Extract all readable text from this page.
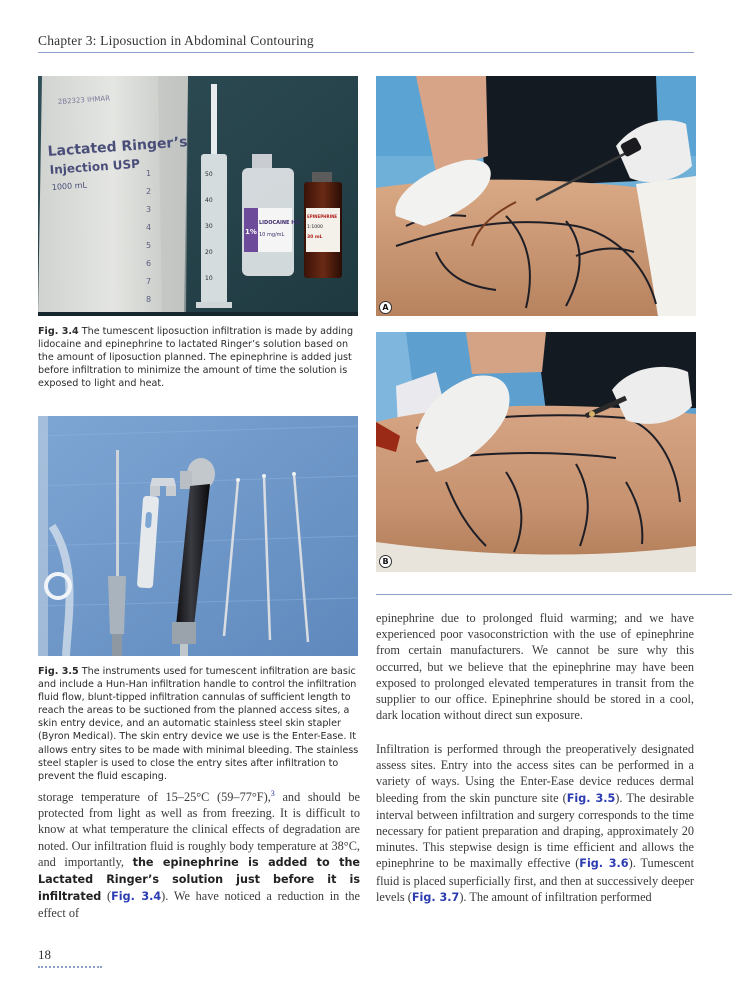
Chapter 3: Liposuction in Abdominal Contouring
2B2323 IHMAR
Lactated Ringer’s
Injection USP
1000 mL
1
2
3
4
5
6
7
8
50
40
30
20
10
1%
LIDOCAINE HCl
10 mg/mL
EPINEPHRINE
1:1000
30 mL
Fig. 3.4 The tumescent liposuction infiltration is made by adding lidocaine and epinephrine to lactated Ringer’s solution based on the amount of liposuction planned. The epinephrine is added just before infiltration to minimize the amount of time the solution is exposed to light and heat.
Fig. 3.5 The instruments used for tumescent infiltration are basic and include a Hun-Han infiltration handle to control the infiltration fluid flow, blunt-tipped infiltration cannulas of sufficient length to reach the areas to be suctioned from the planned access sites, a skin entry device, and an automatic stainless steel skin stapler (Byron Medical). The skin entry device we use is the Enter-Ease. It allows entry sites to be made with minimal bleeding. The stainless steel stapler is used to close the entry sites after infiltration to prevent the fluid escaping.
A
B

storage temperature of 15–25°C (59–77°F),$^3$ and should be protected from light as well as from freezing. It is difficult to know at what temperature the clinical effects of degradation are noted. Our infiltration fluid is roughly body temperature at 38°C, and importantly, the epinephrine is added to the Lactated Ringer’s solution just before it is infiltrated (Fig. 3.4). We have noticed a reduction in the effect of

epinephrine due to prolonged fluid warming; and we have experienced poor vasoconstriction with the use of epinephrine from certain manufacturers. We cannot be sure why this occurred, but we believe that the epinephrine may have been exposed to prolonged elevated temperatures in transit from the supplier to our office. Epinephrine should be stored in a cool, dark location without direct sun exposure.

Infiltration is performed through the preoperatively designated assess sites. Entry into the access sites can be performed in a variety of ways. Using the Enter-Ease device reduces dermal bleeding from the skin puncture site (Fig. 3.5). The desirable interval between infiltration and surgery corresponds to the time necessary for patient preparation and draping, approximately 20 minutes. This stepwise design is time efficient and allows the epinephrine to be maximally effective (Fig. 3.6). Tumescent fluid is placed superficially first, and then at successively deeper levels (Fig. 3.7). The amount of infiltration performed

18
